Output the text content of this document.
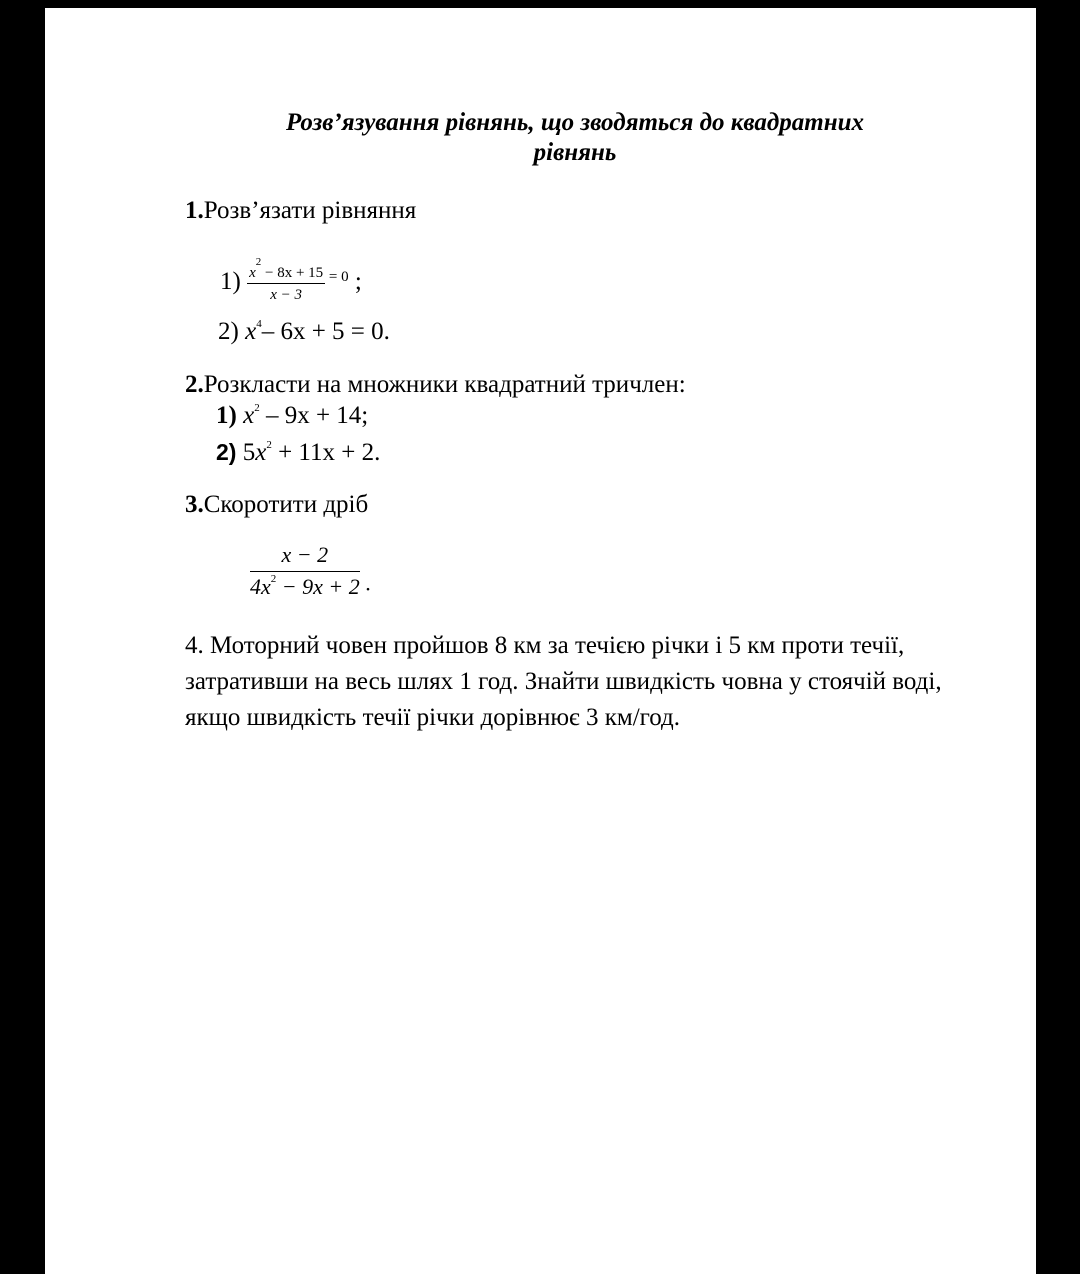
Розв’язування рівнянь, що зводяться до квадратних
рівнянь
1.Розв’язати рівняння
$1) \frac{x^2 - 8x + 15}{x - 3} ^{= 0}$ ;
2) $x^4-$ 6x + 5 = 0.
2.Розкласти на множники квадратний тричлен:
1) $x^2 - 9x + 14$;
2) $5x^2 + 11x + 2$.
3.Скоротити дріб
$\frac{x - 2}{4x^2 - 9x + 2}$ .
4. Моторний човен пройшов 8 км за течією річки і 5 км проти течії, затративши на весь шлях 1 год. Знайти швидкість човна у стоячій воді, якщо швидкість течії річки дорівнює 3 км/год.
